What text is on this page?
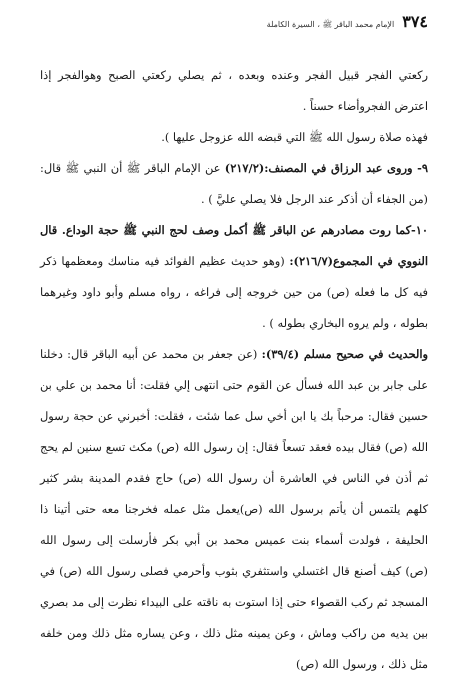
٣٧٤
الإمام محمد الباقر ﷺ ، السيرة الكاملة

ركعتي الفجر قبيل الفجر وعنده وبعده ، ثم يصلي ركعتي الصبح وهوالفجر إذا اعترض الفجروأضاء حسناً .

فهذه صلاة رسول الله ﷺ التي قبضه الله عزوجل عليها ).

٩- وروى عبد الرزاق في المصنف:(٢١٧/٢) عن الإمام الباقر ﷺ أن النبي ﷺ قال: (من الجفاء أن أذكر عند الرجل فلا يصلي عليَّ ) .

١٠-كما روت مصادرهم عن الباقر ﷺ أكمل وصف لحج النبي ﷺ حجة الوداع. قال النووي في المجموع(٢١٦/٧): (وهو حديث عظيم الفوائد فيه مناسك ومعظمها ذكر فيه كل ما فعله (ص) من حين خروجه إلى فراغه ، رواه مسلم وأبو داود وغيرهما بطوله ، ولم يروه البخاري بطوله ) .

والحديث في صحيح مسلم (٣٩/٤): (عن جعفر بن محمد عن أبيه الباقر قال: دخلنا على جابر بن عبد الله فسأل عن القوم حتى انتهى إلي فقلت: أنا محمد بن علي بن حسين فقال: مرحباً بك يا ابن أخي سل عما شئت ، فقلت: أخبرني عن حجة رسول الله (ص) فقال بيده فعقد تسعاً فقال: إن رسول الله (ص) مكث تسع سنين لم يحج ثم أذن في الناس في العاشرة أن رسول الله (ص) حاج فقدم المدينة بشر كثير كلهم يلتمس أن يأتم برسول الله (ص)يعمل مثل عمله فخرجنا معه حتى أتينا ذا الحليفة ، فولدت أسماء بنت عميس محمد بن أبي بكر فأرسلت إلى رسول الله (ص) كيف أصنع قال اغتسلي واستثفري بثوب وأحرمي فصلى رسول الله (ص) في المسجد ثم ركب القصواء حتى إذا استوت به ناقته على البيداء نظرت إلى مد بصري بين يديه من راكب وماش ، وعن يمينه مثل ذلك ، وعن يساره مثل ذلك ومن خلفه مثل ذلك ، ورسول الله (ص)
